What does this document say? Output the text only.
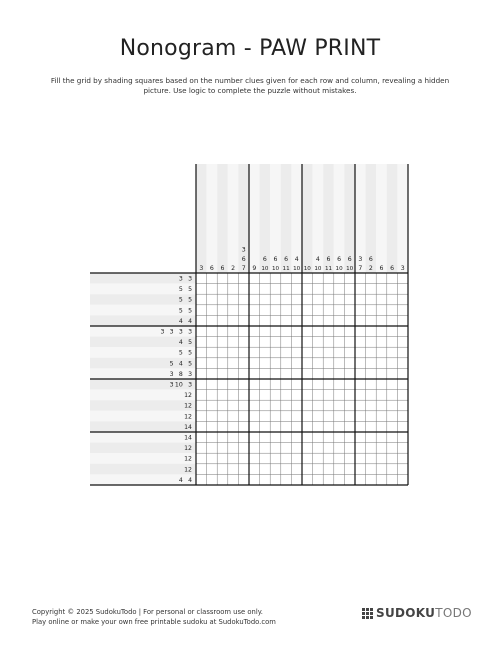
Nonogram - PAW PRINT
Fill the grid by shading squares based on the number clues given for each row and column, revealing a hidden picture. Use logic to complete the puzzle without mistakes.
3 6 6 2
3
6
7 9
6
10
6
10
6
11
4
10 10
4
10
6
11
6
10
6
10
3
7
6
2 6 6 3
3 3
5 5
5 5
5 5
4 4
3 3 3 3
4 5
5 5
5 4 5
3 8 3
3 10 3
12
12
12
14
14
12
12
12
4 4
Copyright © 2025 SudokuTodo | For personal or classroom use only.
Play online or make your own free printable sudoku at SudokuTodo.com
SUDOKUTODO
